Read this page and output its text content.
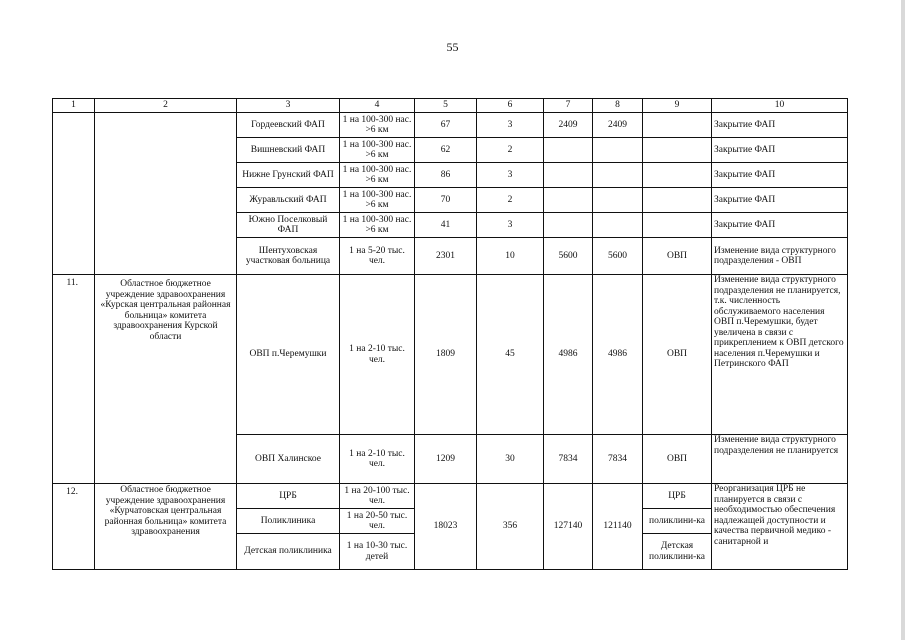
55
1	2	3	4	5	6	7	8	9	10
		Гордеевский ФАП	1 на 100-300 нас. >6 км	67	3	2409	2409		Закрытие ФАП
		Вишневский ФАП	1 на 100-300 нас. >6 км	62	2				Закрытие ФАП
		Нижне Грунский ФАП	1 на 100-300 нас. >6 км	86	3				Закрытие ФАП
		Журавльский ФАП	1 на 100-300 нас. >6 км	70	2				Закрытие ФАП
		Южно Поселковый ФАП	1 на 100-300 нас. >6 км	41	3				Закрытие ФАП
		Шентуховская участковая больница	1 на 5-20 тыс. чел.	2301	10	5600	5600	ОВП	Изменение вида структурного подразделения - ОВП
11.	Областное бюджетное учреждение здравоохранения «Курская центральная районная больница» комитета здравоохранения Курской области	ОВП п.Черемушки	1 на 2-10 тыс. чел.	1809	45	4986	4986	ОВП	Изменение вида структурного подразделения не планируется, т.к. численность обслуживаемого населения ОВП п.Черемушки, будет увеличена в связи с прикреплением к ОВП детского населения п.Черемушки и Петринского ФАП
		ОВП Халинское	1 на 2-10 тыс. чел.	1209	30	7834	7834	ОВП	Изменение вида структурного подразделения не планируется
12.	Областное бюджетное учреждение здравоохранения «Курчатовская центральная районная больница» комитета здравоохранения	ЦРБ	1 на 20-100 тыс. чел.	18023	356	127140	121140	ЦРБ	Реорганизация ЦРБ не планируется в связи с необходимостью обеспечения надлежащей доступности и качества первичной медико - санитарной и
		Поликлиника	1 на 20-50 тыс. чел.					поликлини-ка	
		Детская поликлиника	1 на 10-30 тыс. детей					Детская поликлини-ка	
